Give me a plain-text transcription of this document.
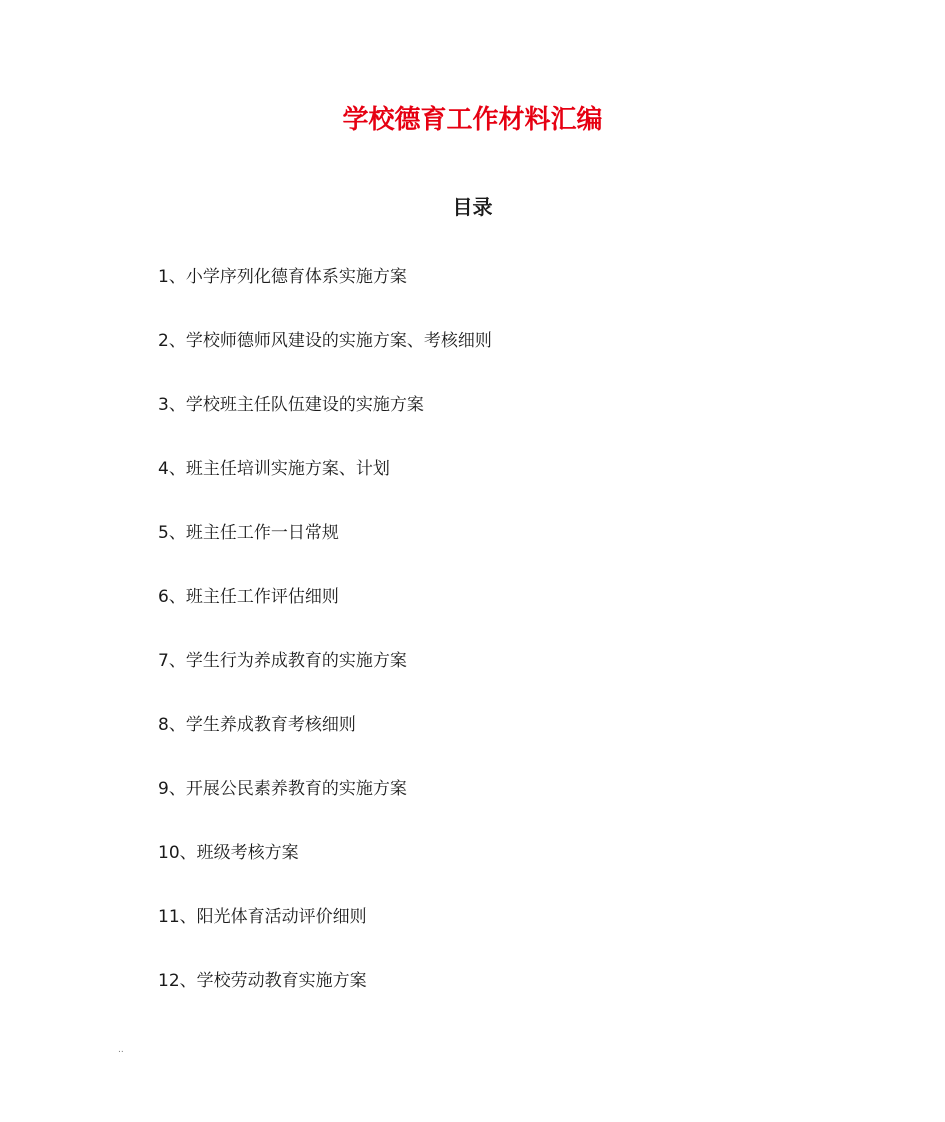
学校德育工作材料汇编
目录
1、小学序列化德育体系实施方案
2、学校师德师风建设的实施方案、考核细则
3、学校班主任队伍建设的实施方案
4、班主任培训实施方案、计划
5、班主任工作一日常规
6、班主任工作评估细则
7、学生行为养成教育的实施方案
8、学生养成教育考核细则
9、开展公民素养教育的实施方案
10、班级考核方案
11、阳光体育活动评价细则
12、学校劳动教育实施方案
..
